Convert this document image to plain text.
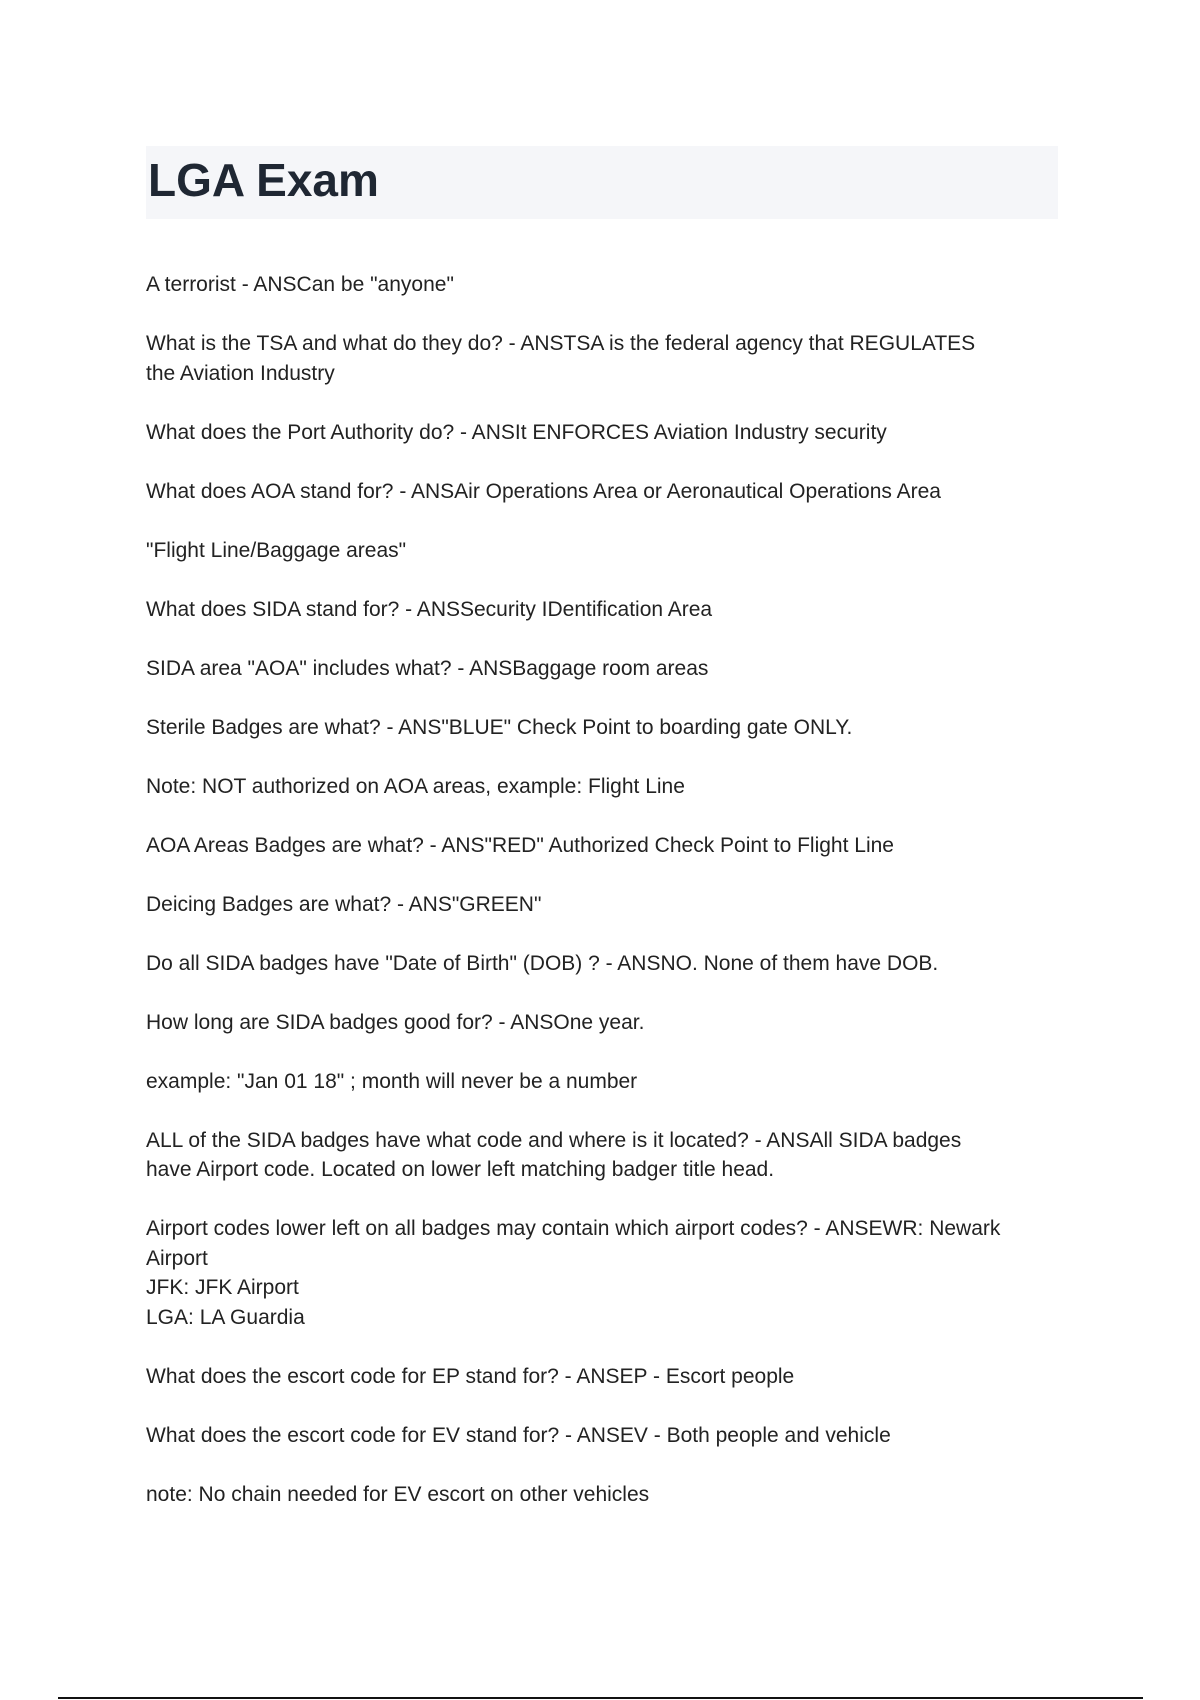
LGA Exam

A terrorist - ANSCan be "anyone"

What is the TSA and what do they do? - ANSTSA is the federal agency that REGULATES
the Aviation Industry

What does the Port Authority do? - ANSIt ENFORCES Aviation Industry security

What does AOA stand for? - ANSAir Operations Area or Aeronautical Operations Area

"Flight Line/Baggage areas"

What does SIDA stand for? - ANSSecurity IDentification Area

SIDA area "AOA" includes what? - ANSBaggage room areas

Sterile Badges are what? - ANS"BLUE" Check Point to boarding gate ONLY.

Note: NOT authorized on AOA areas, example: Flight Line

AOA Areas Badges are what? - ANS"RED" Authorized Check Point to Flight Line

Deicing Badges are what? - ANS"GREEN"

Do all SIDA badges have "Date of Birth" (DOB) ? - ANSNO. None of them have DOB.

How long are SIDA badges good for? - ANSOne year.

example: "Jan 01 18" ; month will never be a number

ALL of the SIDA badges have what code and where is it located? - ANSAll SIDA badges
have Airport code. Located on lower left matching badger title head.

Airport codes lower left on all badges may contain which airport codes? - ANSEWR: Newark
Airport
JFK: JFK Airport
LGA: LA Guardia

What does the escort code for EP stand for? - ANSEP - Escort people

What does the escort code for EV stand for? - ANSEV - Both people and vehicle

note: No chain needed for EV escort on other vehicles
